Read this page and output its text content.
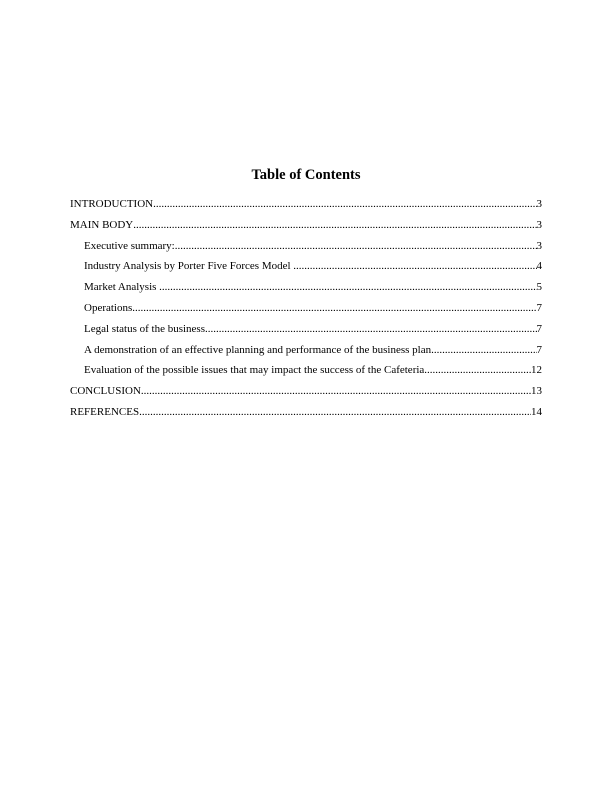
Table of Contents
INTRODUCTION .....	3
MAIN BODY .....	3
Executive summary: .....	3
Industry Analysis by Porter Five Forces Model .....	4
Market Analysis .....	5
Operations .....	7
Legal status of the business .....	7
A demonstration of an effective planning and performance of the business plan .....	7
Evaluation of the possible issues that may impact the success of the Cafeteria .....	12
CONCLUSION .....	13
REFERENCES .....	14
